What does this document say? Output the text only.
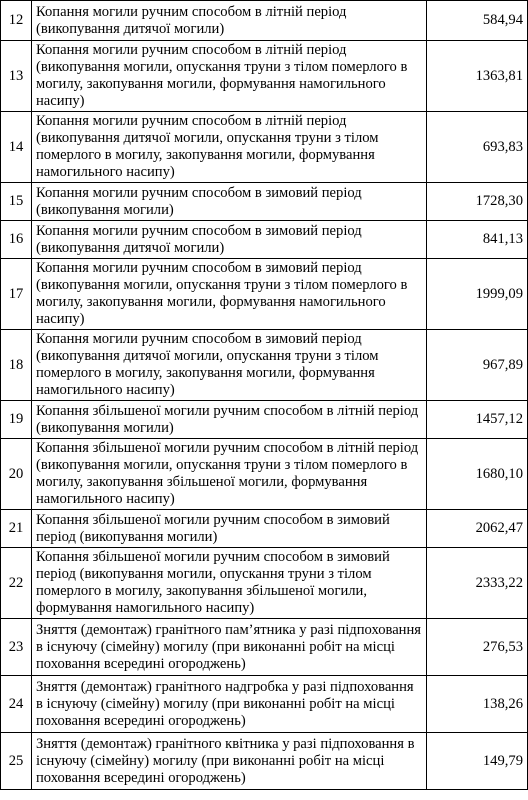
12	Копання могили ручним способом в літній період
(викопування дитячої могили)	584,94
13	Копання могили ручним способом в літній період
(викопування могили, опускання труни з тілом померлого в
могилу, закопування могили, формування намогильного
насипу)	1363,81
14	Копання могили ручним способом в літній період
(викопування дитячої могили, опускання труни з тілом
померлого в могилу, закопування могили, формування
намогильного насипу)	693,83
15	Копання могили ручним способом в зимовий період
(викопування могили)	1728,30
16	Копання могили ручним способом в зимовий період
(викопування дитячої могили)	841,13
17	Копання могили ручним способом в зимовий період
(викопування могили, опускання труни з тілом померлого в
могилу, закопування могили, формування намогильного
насипу)	1999,09
18	Копання могили ручним способом в зимовий період
(викопування дитячої могили, опускання труни з тілом
померлого в могилу, закопування могили, формування
намогильного насипу)	967,89
19	Копання збільшеної могили ручним способом в літній період
(викопування могили)	1457,12
20	Копання збільшеної могили ручним способом в літній період
(викопування могили, опускання труни з тілом померлого в
могилу, закопування збільшеної могили, формування
намогильного насипу)	1680,10
21	Копання збільшеної могили ручним способом в зимовий
період (викопування могили)	2062,47
22	Копання збільшеної могили ручним способом в зимовий
період (викопування могили, опускання труни з тілом
померлого в могилу, закопування збільшеної могили,
формування намогильного насипу)	2333,22
23	Зняття (демонтаж) гранітного пам’ятника у разі підпоховання
в існуючу (сімейну) могилу (при виконанні робіт на місці
поховання всередині огороджень)	276,53
24	Зняття (демонтаж) гранітного надгробка у разі підпоховання
в існуючу (сімейну) могилу (при виконанні робіт на місці
поховання всередині огороджень)	138,26
25	Зняття (демонтаж) гранітного квітника у разі підпоховання в
існуючу (сімейну) могилу (при виконанні робіт на місці
поховання всередині огороджень)	149,79
